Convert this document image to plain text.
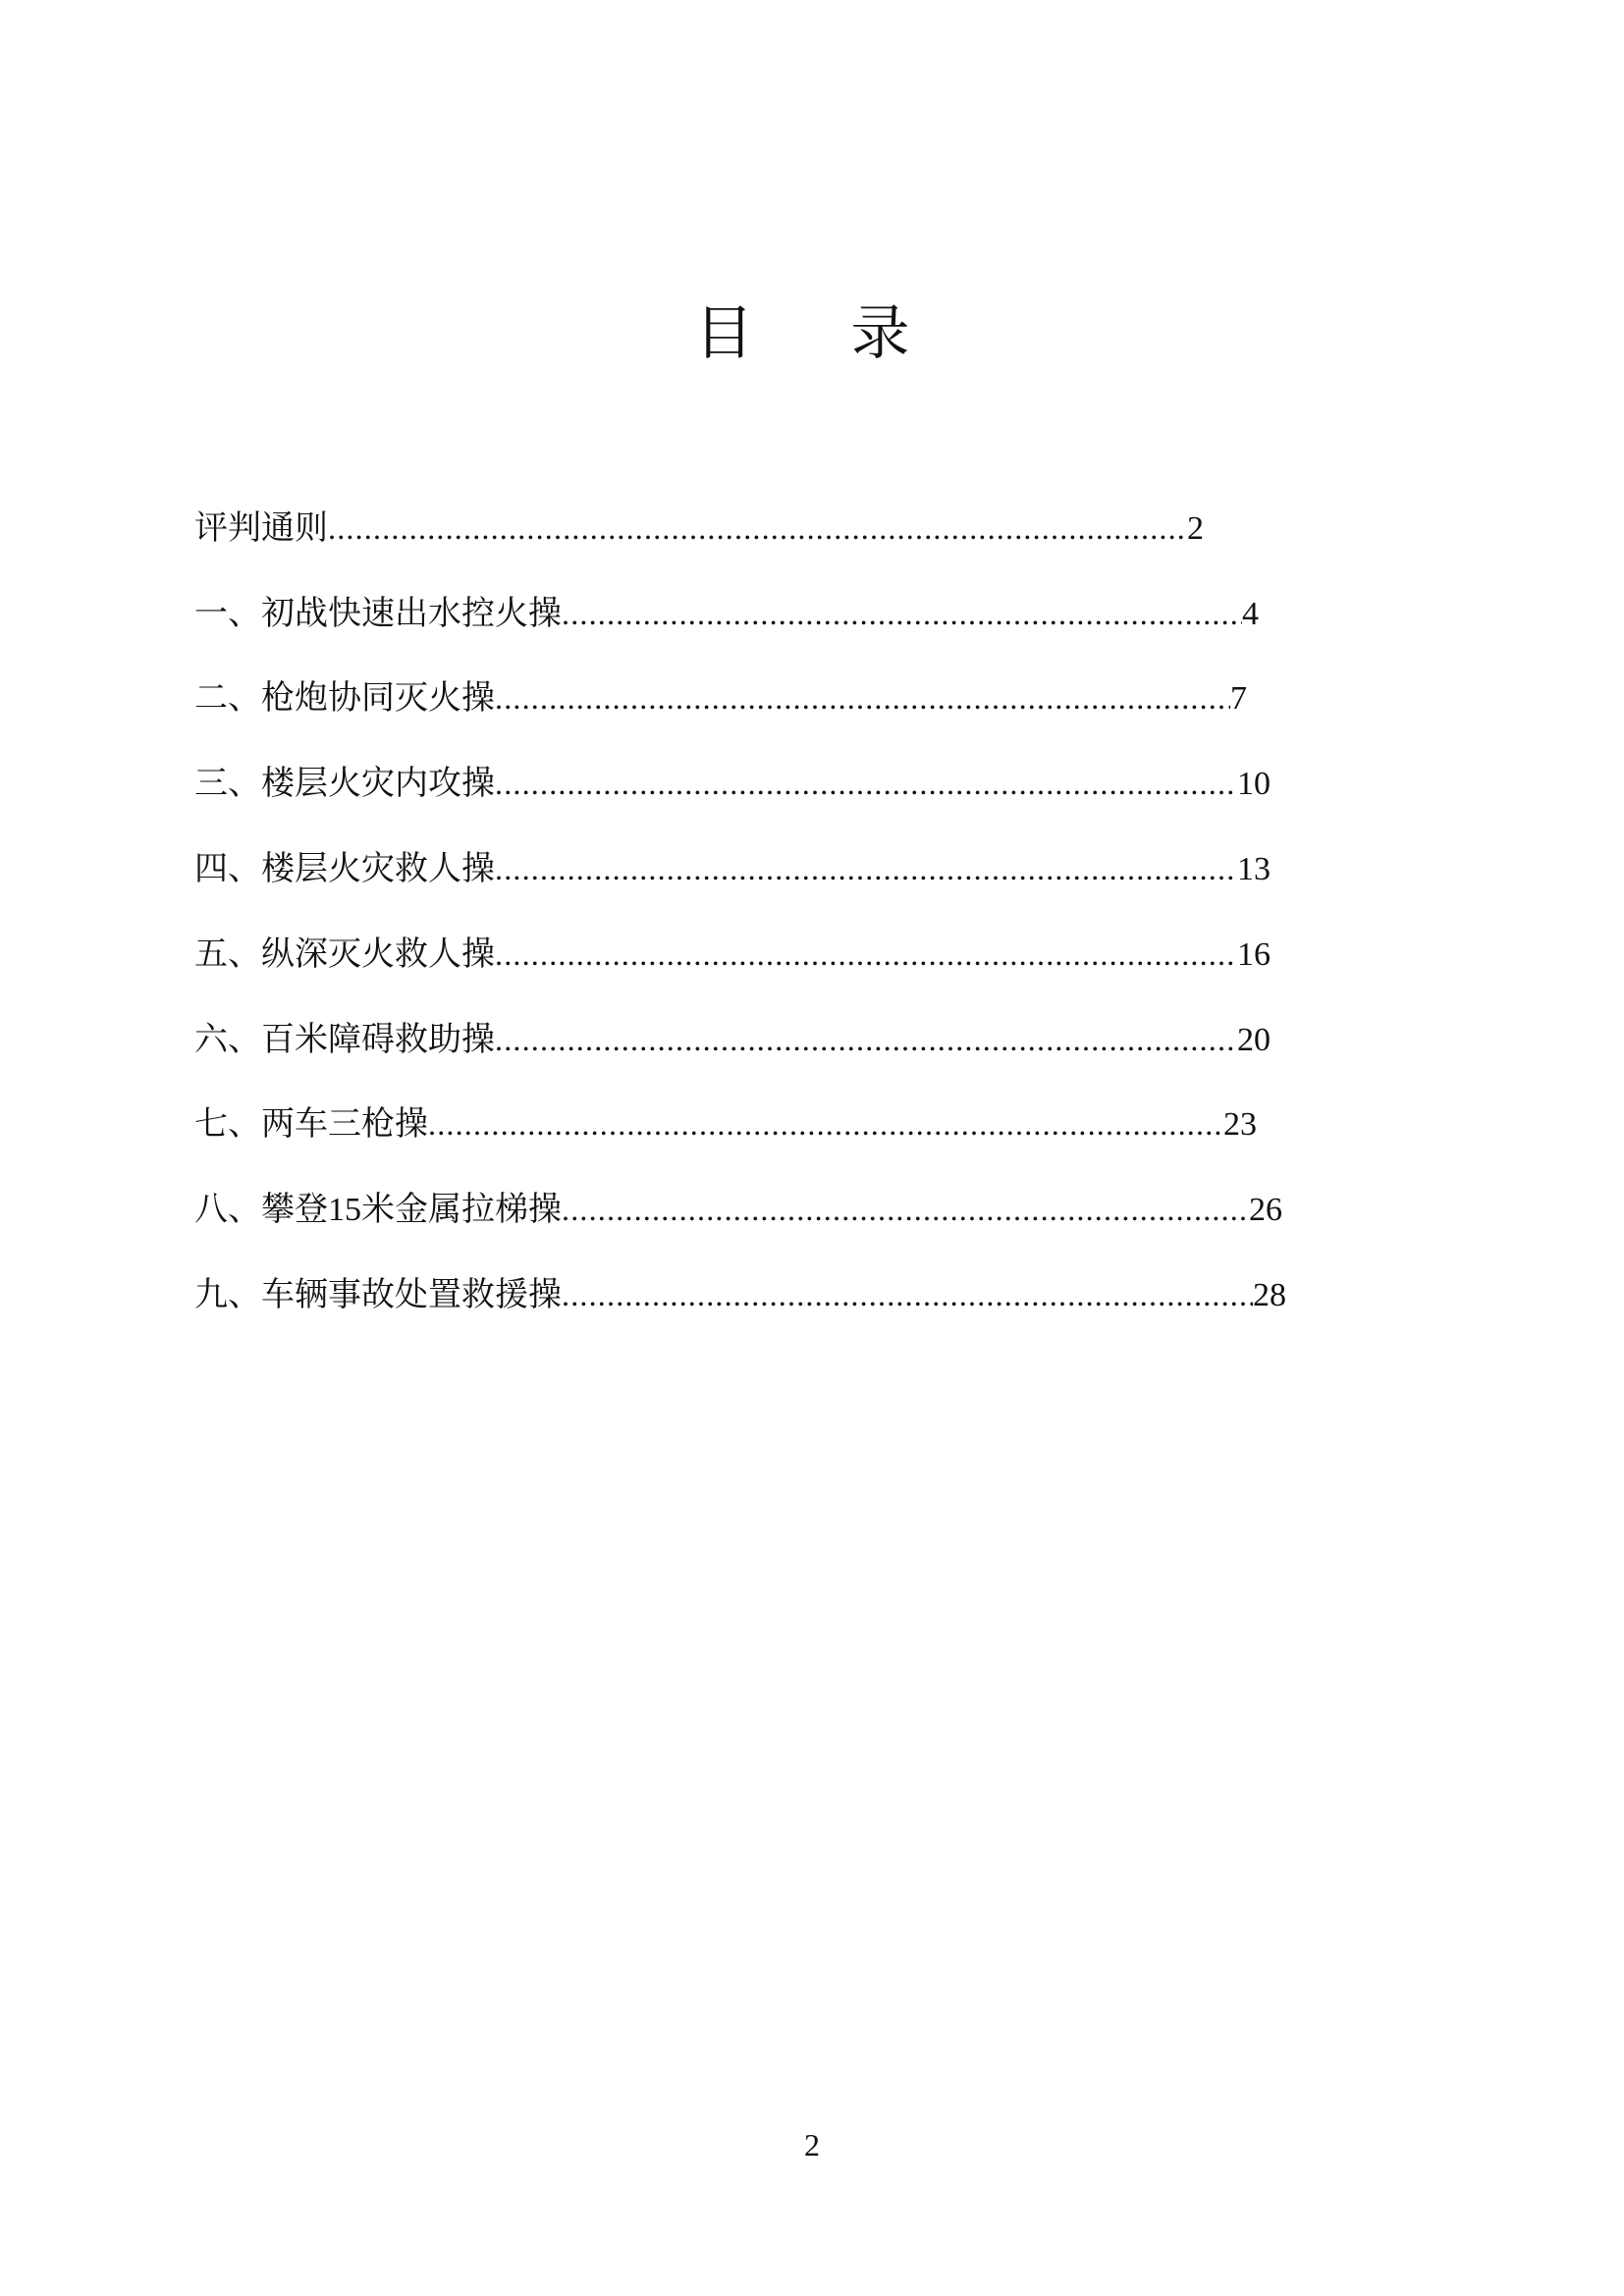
目 录
评判通则 .....	2
一、初战快速出水控火操 .....	4
二、枪炮协同灭火操 .....	7
三、楼层火灾内攻操 .....	10
四、楼层火灾救人操 .....	13
五、纵深灭火救人操 .....	16
六、百米障碍救助操 .....	20
七、两车三枪操 .....	23
八、攀登15米金属拉梯操 .....	26
九、车辆事故处置救援操 .....	28
2
